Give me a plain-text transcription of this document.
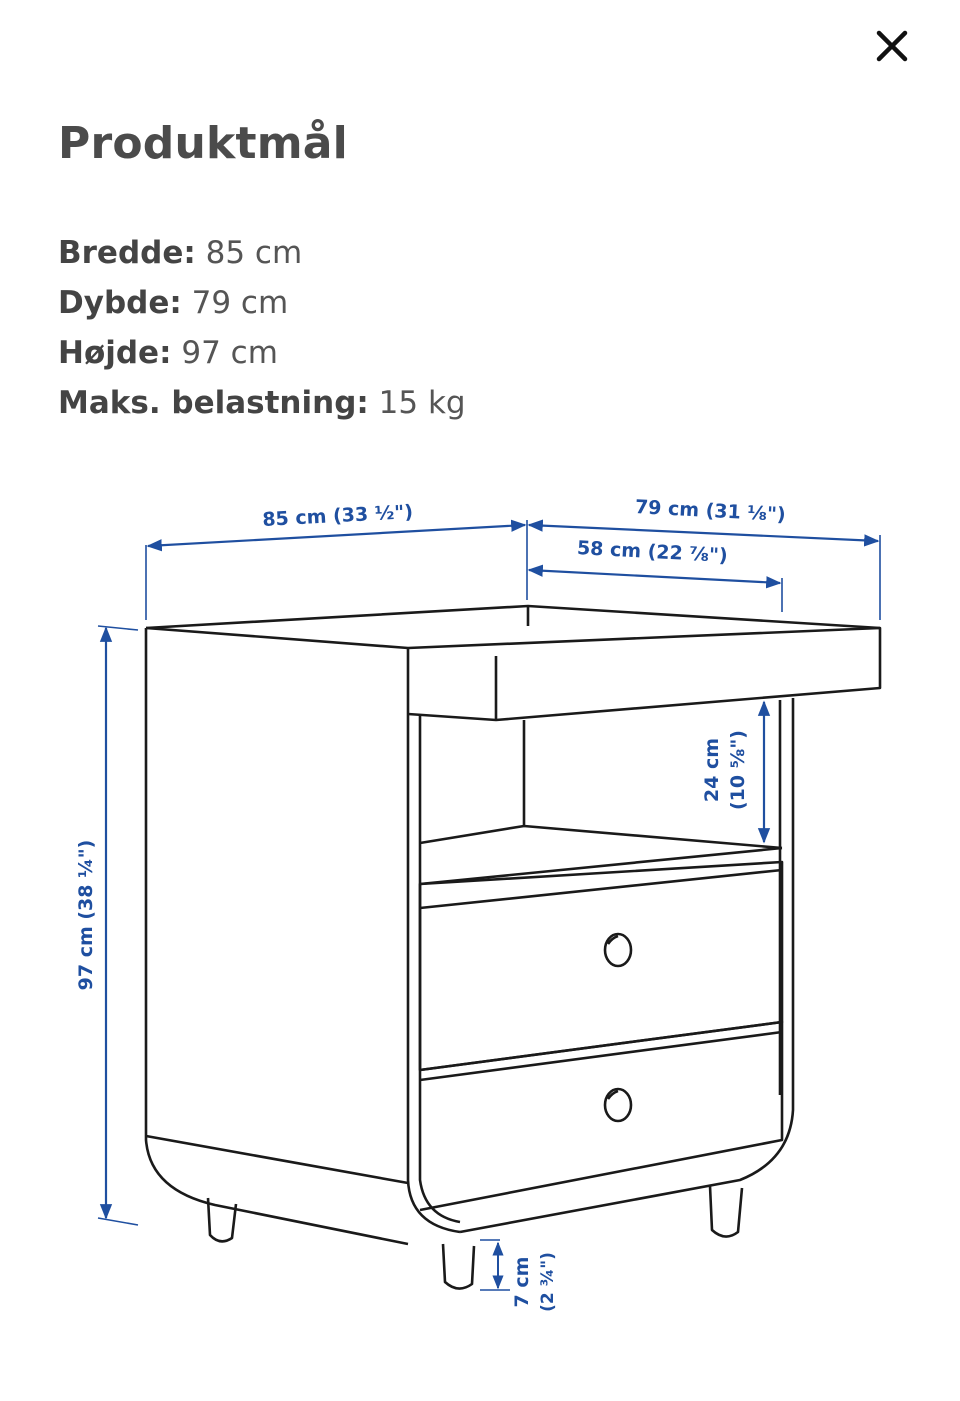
Produktmål
Bredde: 85 cm
Dybde: 79 cm
Højde: 97 cm
Maks. belastning: 15 kg
85 cm (33 ½")	79 cm (31 ⅛")
58 cm (22 ⅞")
97 cm (38 ¼")
24 cm (10 ⅝")
7 cm (2 ¾")
